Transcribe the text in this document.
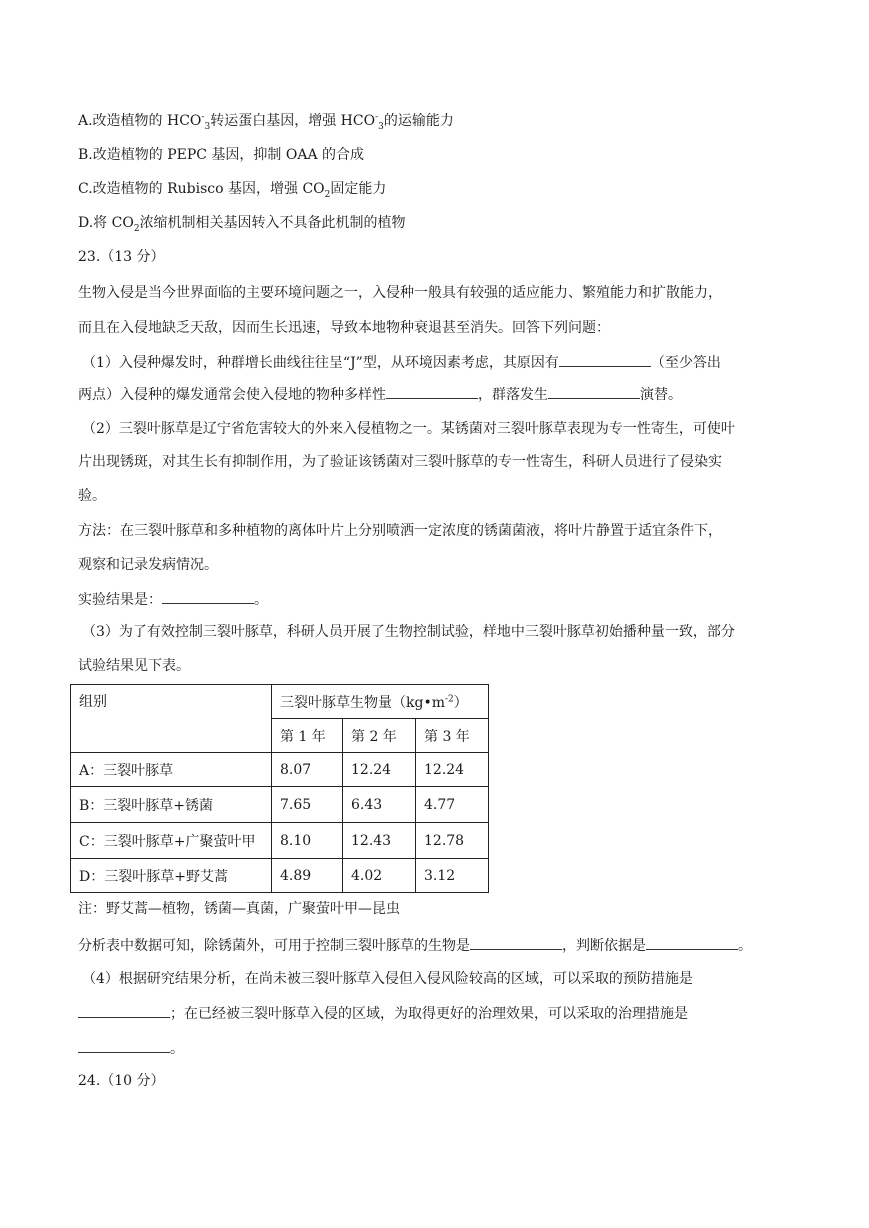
A.改造植物的 $HCO^-_3$转运蛋白基因，增强 $HCO^-_3$的运输能力
B.改造植物的 PEPC 基因，抑制 OAA 的合成
C.改造植物的 Rubisco 基因，增强 $CO_2$固定能力
D.将 $CO_2$浓缩机制相关基因转入不具备此机制的植物
23.（13 分）
生物入侵是当今世界面临的主要环境问题之一，入侵种一般具有较强的适应能力、繁殖能力和扩散能力，
而且在入侵地缺乏天敌，因而生长迅速，导致本地物种衰退甚至消失。回答下列问题：
（1）入侵种爆发时，种群增长曲线往往呈“J”型，从环境因素考虑，其原因有	（至少答出
两点）入侵种的爆发通常会使入侵地的物种多样性	，群落发生	演替。
（2）三裂叶豚草是辽宁省危害较大的外来入侵植物之一。某锈菌对三裂叶豚草表现为专一性寄生，可使叶
片出现锈斑，对其生长有抑制作用，为了验证该锈菌对三裂叶豚草的专一性寄生，科研人员进行了侵染实
验。
方法：在三裂叶豚草和多种植物的离体叶片上分别喷洒一定浓度的锈菌菌液，将叶片静置于适宜条件下，
观察和记录发病情况。
实验结果是：	。
（3）为了有效控制三裂叶豚草，科研人员开展了生物控制试验，样地中三裂叶豚草初始播种量一致，部分
试验结果见下表。
组别	三裂叶豚草生物量$(kg•m^{-2})$		
	第 1 年	第 2 年	第 3 年
A：三裂叶豚草	8.07	12.24	12.24
B：三裂叶豚草+锈菌	7.65	6.43	4.77
C：三裂叶豚草+广聚萤叶甲	8.10	12.43	12.78
D：三裂叶豚草+野艾蒿	4.89	4.02	3.12
注：野艾蒿—植物，锈菌—真菌，广聚萤叶甲—昆虫
分析表中数据可知，除锈菌外，可用于控制三裂叶豚草的生物是	，判断依据是	。
（4）根据研究结果分析，在尚未被三裂叶豚草入侵但入侵风险较高的区域，可以采取的预防措施是
；在已经被三裂叶豚草入侵的区域，为取得更好的治理效果，可以采取的治理措施是
。
24.（10 分）
